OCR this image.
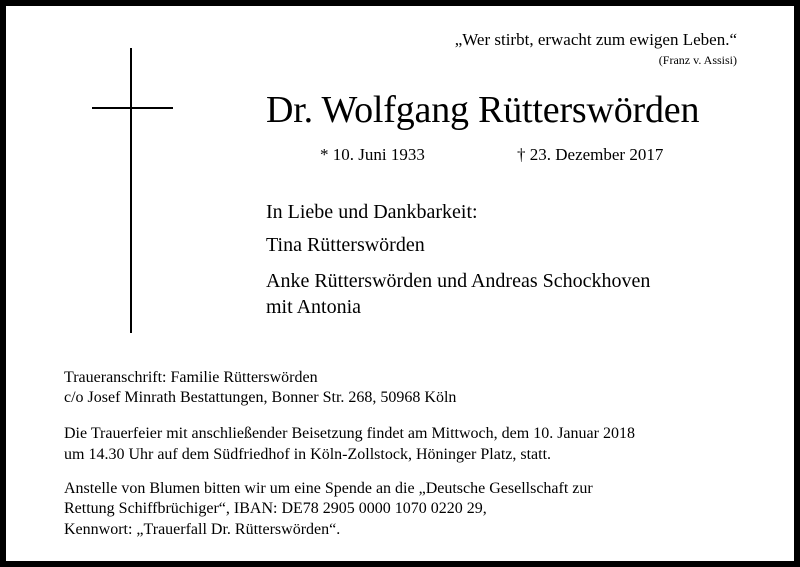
„Wer stirbt, erwacht zum ewigen Leben.“
(Franz v. Assisi)
Dr. Wolfgang Rütterswörden
* 10. Juni 1933	† 23. Dezember 2017
In Liebe und Dankbarkeit:
Tina Rütterswörden
Anke Rütterswörden und Andreas Schockhoven
mit Antonia
Traueranschrift: Familie Rütterswörden
c/o Josef Minrath Bestattungen, Bonner Str. 268, 50968 Köln
Die Trauerfeier mit anschließender Beisetzung findet am Mittwoch, dem 10. Januar 2018
um 14.30 Uhr auf dem Südfriedhof in Köln-Zollstock, Höninger Platz, statt.
Anstelle von Blumen bitten wir um eine Spende an die „Deutsche Gesellschaft zur
Rettung Schiffbrüchiger“, IBAN: DE78 2905 0000 1070 0220 29,
Kennwort: „Trauerfall Dr. Rütterswörden“.
